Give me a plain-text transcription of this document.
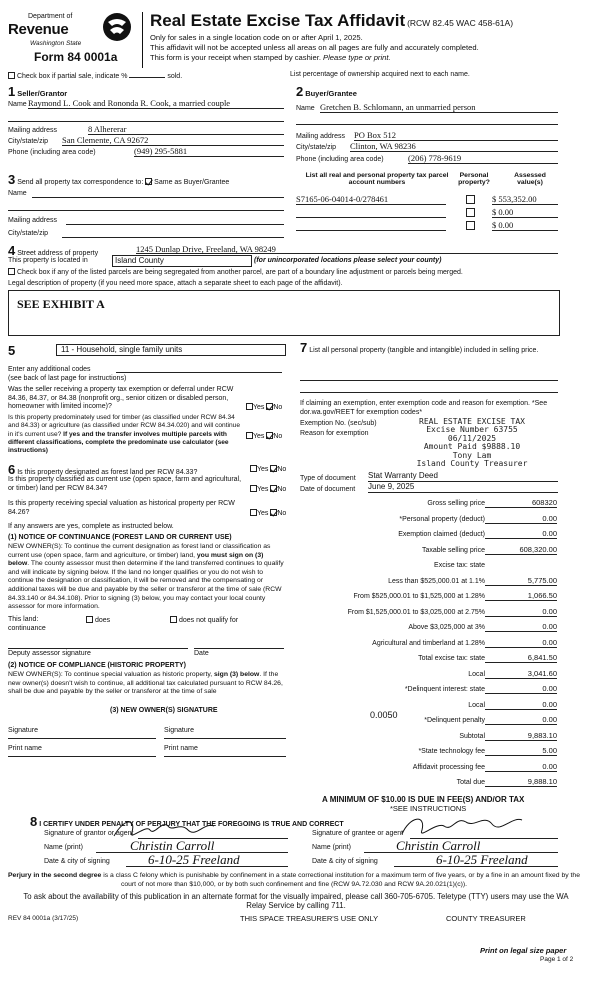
Department of
Revenue
Washington State
Form 84 0001a
Real Estate Excise Tax Affidavit (RCW 82.45 WAC 458-61A)
Only for sales in a single location code on or after April 1, 2025.
This affidavit will not be accepted unless all areas on all pages are fully and accurately completed.
This form is your receipt when stamped by cashier. Please type or print.
Check box if partial sale, indicate %	sold.	List percentage of ownership acquired next to each name.
1 Seller/Grantor
Name Raymond L. Cook and Rononda R. Cook, a married couple
Mailing address	8 Alhererar
City/state/zip San Clemente, CA 92672
Phone (including area code)	(949) 295-5881
2 Buyer/Grantee
Name Gretchen B. Schlomann, an unmarried person
Mailing address PO Box 512
City/state/zip Clinton, WA 98236
Phone (including area code)	(206) 778-9619
3 Send all property tax correspondence to: Same as Buyer/Grantee
Name
Mailing address
City/state/zip
List all real and personal property tax parcel account numbers
Personal property?
Assessed value(s)
S7165-06-04014-0/278461	$ 553,352.00
$ 0.00
$ 0.00
4 Street address of property	1245 Dunlap Drive, Freeland, WA 98249
This property is located in	Island County	(for unincorporated locations please select your county)
Check box if any of the listed parcels are being segregated from another parcel, are part of a boundary line adjustment or parcels being merged.
Legal description of property (if you need more space, attach a separate sheet to each page of the affidavit).
SEE EXHIBIT A
5	11 - Household, single family units
Enter any additional codes
(see back of last page for instructions)
Was the seller receiving a property tax exemption or deferral under RCW 84.36, 84.37, or 84.38 (nonprofit org., senior citizen or disabled person, homeowner with limited income)?	Yes No
Is this property predominately used for timber (as classified under RCW 84.34 and 84.33) or agriculture (as classified under RCW 84.34.020) and will continue in it's current use? If yes and the transfer involves multiple parcels with different classifications, complete the predominate use calculator (see instructions)
Yes No
6 Is this property designated as forest land per RCW 84.33?	Yes No
Is this property classified as current use (open space, farm and agricultural, or timber) land per RCW 84.34?	Yes No
Is this property receiving special valuation as historical property per RCW 84.26?	Yes No
If any answers are yes, complete as instructed below.
(1) NOTICE OF CONTINUANCE (FOREST LAND OR CURRENT USE)
NEW OWNER(S): To continue the current designation as forest land or classification as current use (open space, farm and agriculture, or timber) land, you must sign on (3) below. The county assessor must then determine if the land transferred continues to qualify and will indicate by signing below. If the land no longer qualifies or you do not wish to continue the designation or classification, it will be removed and the compensating or additional taxes will be due and payable by the seller or transferor at the time of sale (RCW 84.33.140 or 84.34.108). Prior to signing (3) below, you may contact your local county assessor for more information.
This land:
continuance
does	does not qualify for
Deputy assessor signature	Date
(2) NOTICE OF COMPLIANCE (HISTORIC PROPERTY)
NEW OWNER(S): To continue special valuation as historic property, sign (3) below. If the new owner(s) doesn't wish to continue, all additional tax calculated pursuant to RCW 84.26, shall be due and payable by the seller or transferor at the time of sale
(3) NEW OWNER(S) SIGNATURE
Signature	Signature
Print name	Print name
7 List all personal property (tangible and intangible) included in selling price.
If claiming an exemption, enter exemption code and reason for exemption. *See dor.wa.gov/REET for exemption codes*
Exemption No. (sec/sub)
Reason for exemption
REAL ESTATE EXCISE TAX
Excise Number 63755
06/11/2025
Amount Paid $9888.10
Tony Lam
Island County Treasurer
Type of document Stat Warranty Deed
Date of document June 9, 2025
Gross selling price	608320
*Personal property (deduct)	0.00
Exemption claimed (deduct)	0.00
Taxable selling price	608,320.00
Excise tax: state
Less than $525,000.01 at 1.1%	5,775.00
From $525,000.01 to $1,525,000 at 1.28%	1,066.50
From $1,525,000.01 to $3,025,000 at 2.75%	0.00
Above $3,025,000 at 3%	0.00
Agricultural and timberland at 1.28%	0.00
Total excise tax: state	6,841.50
Local	3,041.60
*Delinquent interest: state	0.00
Local	0.00
*Delinquent penalty	0.00
Subtotal	9,883.10
*State technology fee	5.00
Affidavit processing fee	0.00
Total due	9,888.10
0.0050
A MINIMUM OF $10.00 IS DUE IN FEE(S) AND/OR TAX
*SEE INSTRUCTIONS
8 I CERTIFY UNDER PENALTY OF PERJURY THAT THE FOREGOING IS TRUE AND CORRECT
Signature of grantor or agent
Name (print)
Date & city of signing
Signature of grantee or agent
Name (print)
Date & city of signing
Christin Carroll
6-10-25 Freeland
Christin Carroll
6-10-25 Freeland
Perjury in the second degree is a class C felony which is punishable by confinement in a state correctional institution for a maximum term of five years, or by a fine in an amount fixed by the court of not more than $10,000, or by both such confinement and fine (RCW 9A.72.030 and RCW 9A.20.021(1)(c)).
To ask about the availability of this publication in an alternate format for the visually impaired, please call 360-705-6705. Teletype (TTY) users may use the WA Relay Service by calling 711.
REV 84 0001a (3/17/25)	THIS SPACE TREASURER'S USE ONLY	COUNTY TREASURER
Print on legal size paper
Page 1 of 2
